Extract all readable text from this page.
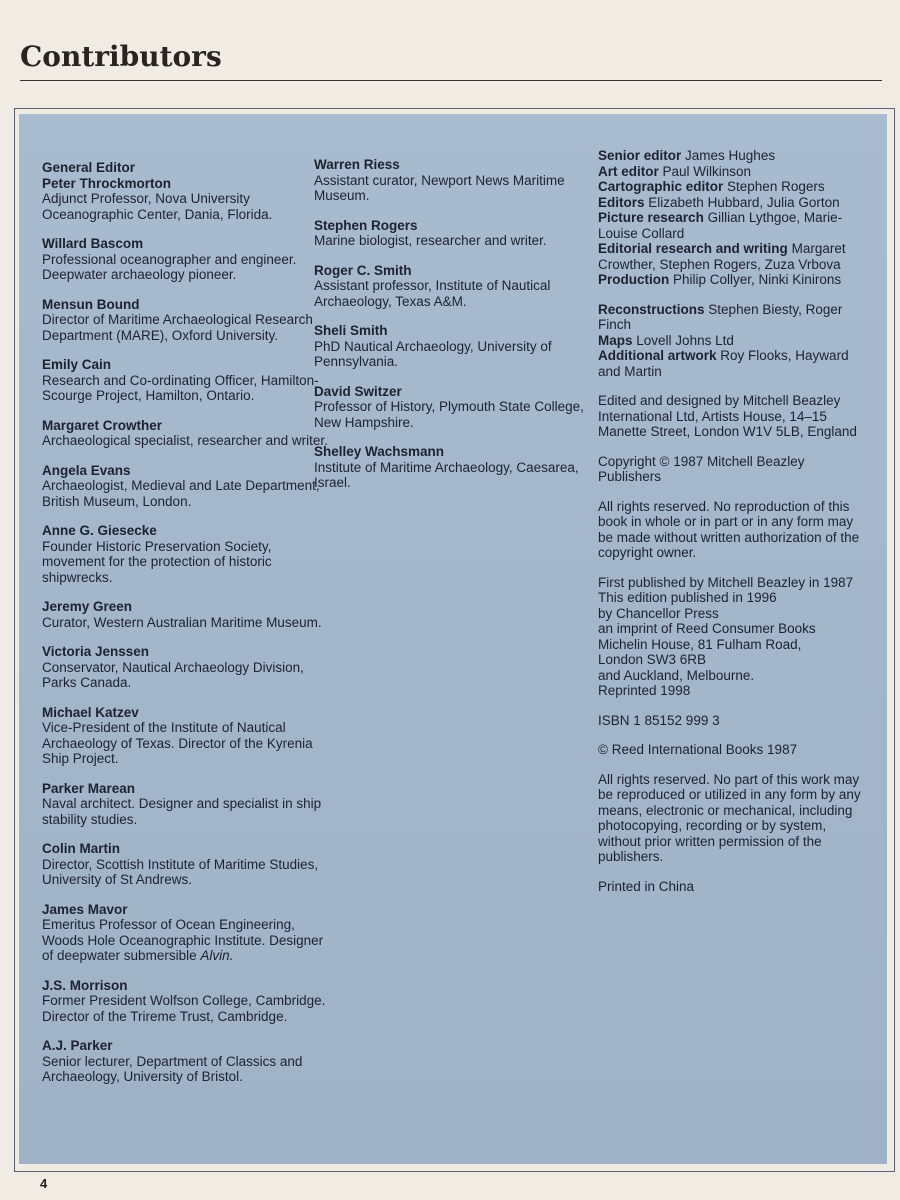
Contributors
General Editor
Peter Throckmorton
Adjunct Professor, Nova University Oceanographic Center, Dania, Florida.
Willard Bascom
Professional oceanographer and engineer. Deepwater archaeology pioneer.
Mensun Bound
Director of Maritime Archaeological Research Department (MARE), Oxford University.
Emily Cain
Research and Co-ordinating Officer, Hamilton-Scourge Project, Hamilton, Ontario.
Margaret Crowther
Archaeological specialist, researcher and writer.
Angela Evans
Archaeologist, Medieval and Late Department, British Museum, London.
Anne G. Giesecke
Founder Historic Preservation Society, movement for the protection of historic shipwrecks.
Jeremy Green
Curator, Western Australian Maritime Museum.
Victoria Jenssen
Conservator, Nautical Archaeology Division, Parks Canada.
Michael Katzev
Vice-President of the Institute of Nautical Archaeology of Texas. Director of the Kyrenia Ship Project.
Parker Marean
Naval architect. Designer and specialist in ship stability studies.
Colin Martin
Director, Scottish Institute of Maritime Studies, University of St Andrews.
James Mavor
Emeritus Professor of Ocean Engineering, Woods Hole Oceanographic Institute. Designer of deepwater submersible Alvin.
J.S. Morrison
Former President Wolfson College, Cambridge. Director of the Trireme Trust, Cambridge.
A.J. Parker
Senior lecturer, Department of Classics and Archaeology, University of Bristol.
Warren Riess
Assistant curator, Newport News Maritime Museum.
Stephen Rogers
Marine biologist, researcher and writer.
Roger C. Smith
Assistant professor, Institute of Nautical Archaeology, Texas A&M.
Sheli Smith
PhD Nautical Archaeology, University of Pennsylvania.
David Switzer
Professor of History, Plymouth State College, New Hampshire.
Shelley Wachsmann
Institute of Maritime Archaeology, Caesarea, Israel.
Senior editor James Hughes
Art editor Paul Wilkinson
Cartographic editor Stephen Rogers
Editors Elizabeth Hubbard, Julia Gorton
Picture research Gillian Lythgoe, Marie-Louise Collard
Editorial research and writing Margaret Crowther, Stephen Rogers, Zuza Vrbova
Production Philip Collyer, Ninki Kinirons
Reconstructions Stephen Biesty, Roger Finch
Maps Lovell Johns Ltd
Additional artwork Roy Flooks, Hayward and Martin
Edited and designed by Mitchell Beazley International Ltd, Artists House, 14–15 Manette Street, London W1V 5LB, England
Copyright © 1987 Mitchell Beazley Publishers
All rights reserved. No reproduction of this book in whole or in part or in any form may be made without written authorization of the copyright owner.
First published by Mitchell Beazley in 1987
This edition published in 1996
by Chancellor Press
an imprint of Reed Consumer Books
Michelin House, 81 Fulham Road,
London SW3 6RB
and Auckland, Melbourne.
Reprinted 1998
ISBN 1 85152 999 3
© Reed International Books 1987
All rights reserved. No part of this work may be reproduced or utilized in any form by any means, electronic or mechanical, including photocopying, recording or by system, without prior written permission of the publishers.
Printed in China
4
